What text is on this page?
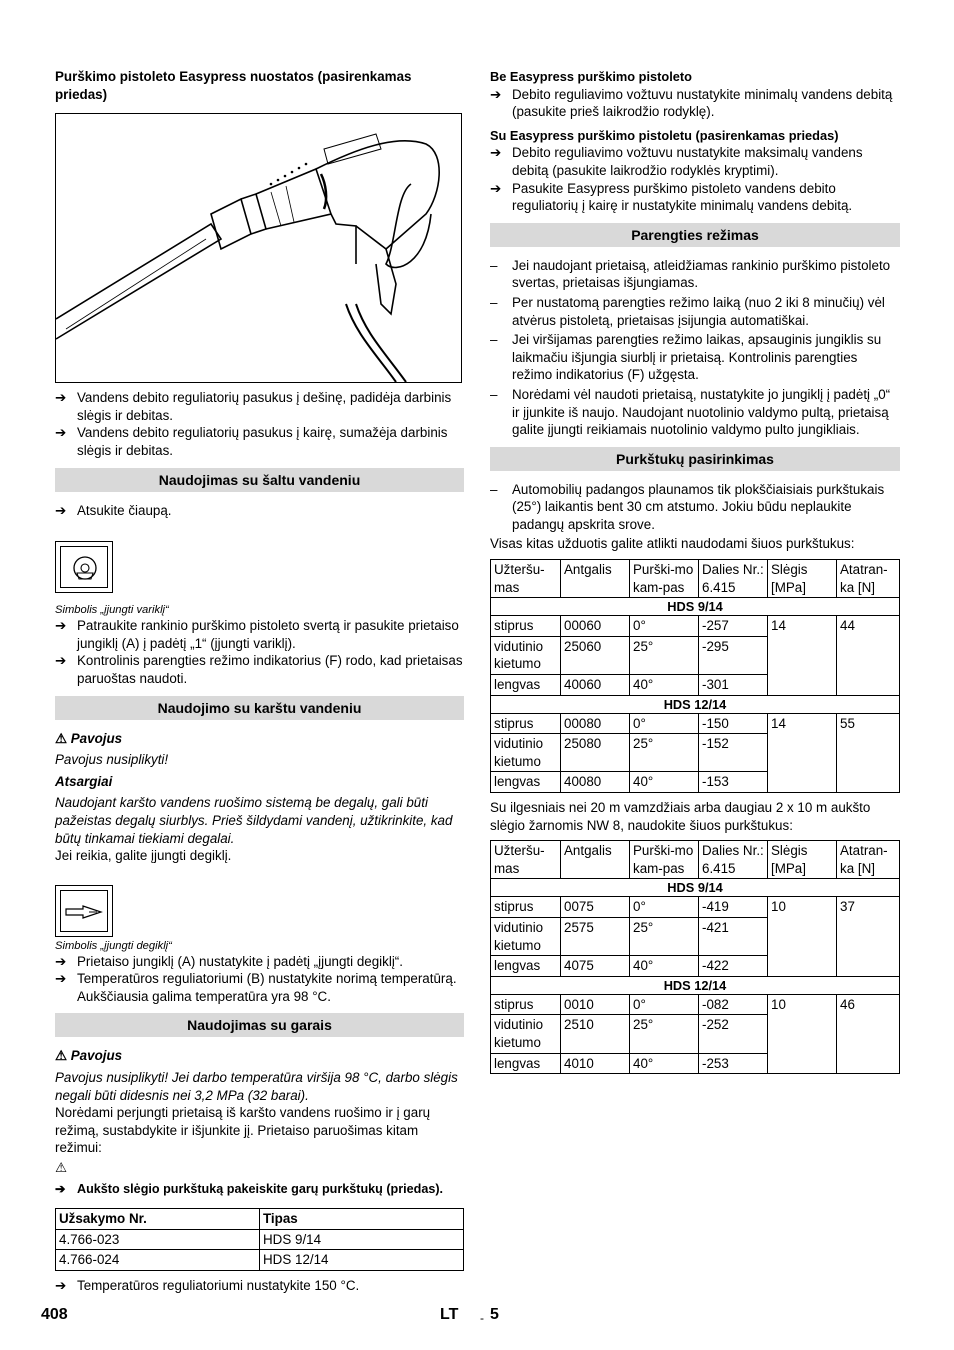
Purškimo pistoleto Easypress nuostatos (pasirenkamas priedas)

➔ Vandens debito reguliatorių pasukus į dešinę, padidėja darbinis slėgis ir debitas.

➔ Vandens debito reguliatorių pasukus į kairę, sumažėja darbinis slėgis ir debitas.

Naudojimas su šaltu vandeniu

➔ Atsukite čiaupą.

Simbolis „įjungti variklį“

➔ Patraukite rankinio purškimo pistoleto svertą ir pasukite prietaiso jungiklį (A) į padėtį „1“ (įjungti variklį).

➔ Kontrolinis parengties režimo indikatorius (F) rodo, kad prietaisas paruoštas naudoti.

Naudojimo su karštu vandeniu

⚠ Pavojus

Pavojus nusiplikyti!

Atsargiai

Naudojant karšto vandens ruošimo sistemą be degalų, gali būti pažeistas degalų siurblys. Prieš šildydami vandenį, užtikrinkite, kad būtų tinkamai tiekiami degalai.

Jei reikia, galite įjungti degiklį.

Simbolis „įjungti degiklį“

➔ Prietaiso jungiklį (A) nustatykite į padėtį „įjungti degiklį“.

➔ Temperatūros reguliatoriumi (B) nustatykite norimą temperatūrą. Aukščiausia galima temperatūra yra 98 °C.

Naudojimas su garais

⚠ Pavojus

Pavojus nusiplikyti! Jei darbo temperatūra viršija 98 °C, darbo slėgis negali būti didesnis nei 3,2 MPa (32 barai).

Norėdami perjungti prietaisą iš karšto vandens ruošimo ir į garų režimą, sustabdykite ir išjunkite jį. Prietaiso paruošimas kitam režimui:

⚠

➔ Aukšto slėgio purkštuką pakeiskite garų purkštukų (priedas).

Užsakymo Nr.	Tipas
4.766-023	HDS 9/14
4.766-024	HDS 12/14

➔ Temperatūros reguliatoriumi nustatykite 150 °C.

Be Easypress purškimo pistoleto

➔ Debito reguliavimo vožtuvu nustatykite minimalų vandens debitą (pasukite prieš laikrodžio rodyklę).

Su Easypress purškimo pistoletu (pasirenkamas priedas)

➔ Debito reguliavimo vožtuvu nustatykite maksimalų vandens debitą (pasukite laikrodžio rodyklės kryptimi).

➔ Pasukite Easypress purškimo pistoleto vandens debito reguliatorių į kairę ir nustatykite minimalų vandens debitą.

Parengties režimas

– Jei naudojant prietaisą, atleidžiamas rankinio purškimo pistoleto svertas, prietaisas išjungiamas.

– Per nustatomą parengties režimo laiką (nuo 2 iki 8 minučių) vėl atvėrus pistoletą, prietaisas įsijungia automatiškai.

– Jei viršijamas parengties režimo laikas, apsauginis jungiklis su laikmačiu išjungia siurblį ir prietaisą. Kontrolinis parengties režimo indikatorius (F) užgęsta.

– Norėdami vėl naudoti prietaisą, nustatykite jo jungiklį į padėtį „0“ ir įjunkite iš naujo. Naudojant nuotolinio valdymo pultą, prietaisą galite įjungti reikiamais nuotolinio valdymo pulto jungikliais.

Purkštukų pasirinkimas

– Automobilių padangos plaunamos tik plokščiaisiais purkštukais (25°) laikantis bent 30 cm atstumo. Jokiu būdu neplaukite padangų apskrita srove.

Visas kitas užduotis galite atlikti naudodami šiuos purkštukus:

Užteršu-mas	Antgalis	Purški-mo kam-pas	Dalies Nr.: 6.415	Slėgis [MPa]	Atatran-ka [N]
HDS 9/14					
stiprus	00060	0°	-257	14	44
vidutinio kietumo	25060	25°	-295		
lengvas	40060	40°	-301		
HDS 12/14					
stiprus	00080	0°	-150	14	55
vidutinio kietumo	25080	25°	-152		
lengvas	40080	40°	-153		

Su ilgesniais nei 20 m vamzdžiais arba daugiau 2 x 10 m aukšto slėgio žarnomis NW 8, naudokite šiuos purkštukus:

Užteršu-mas	Antgalis	Purški-mo kam-pas	Dalies Nr.: 6.415	Slėgis [MPa]	Atatran-ka [N]
HDS 9/14					
stiprus	0075	0°	-419	10	37
vidutinio kietumo	2575	25°	-421		
lengvas	4075	40°	-422		
HDS 12/14					
stiprus	0010	0°	-082	10	46
vidutinio kietumo	2510	25°	-252		
lengvas	4010	40°	-253		
408	LT - 5
